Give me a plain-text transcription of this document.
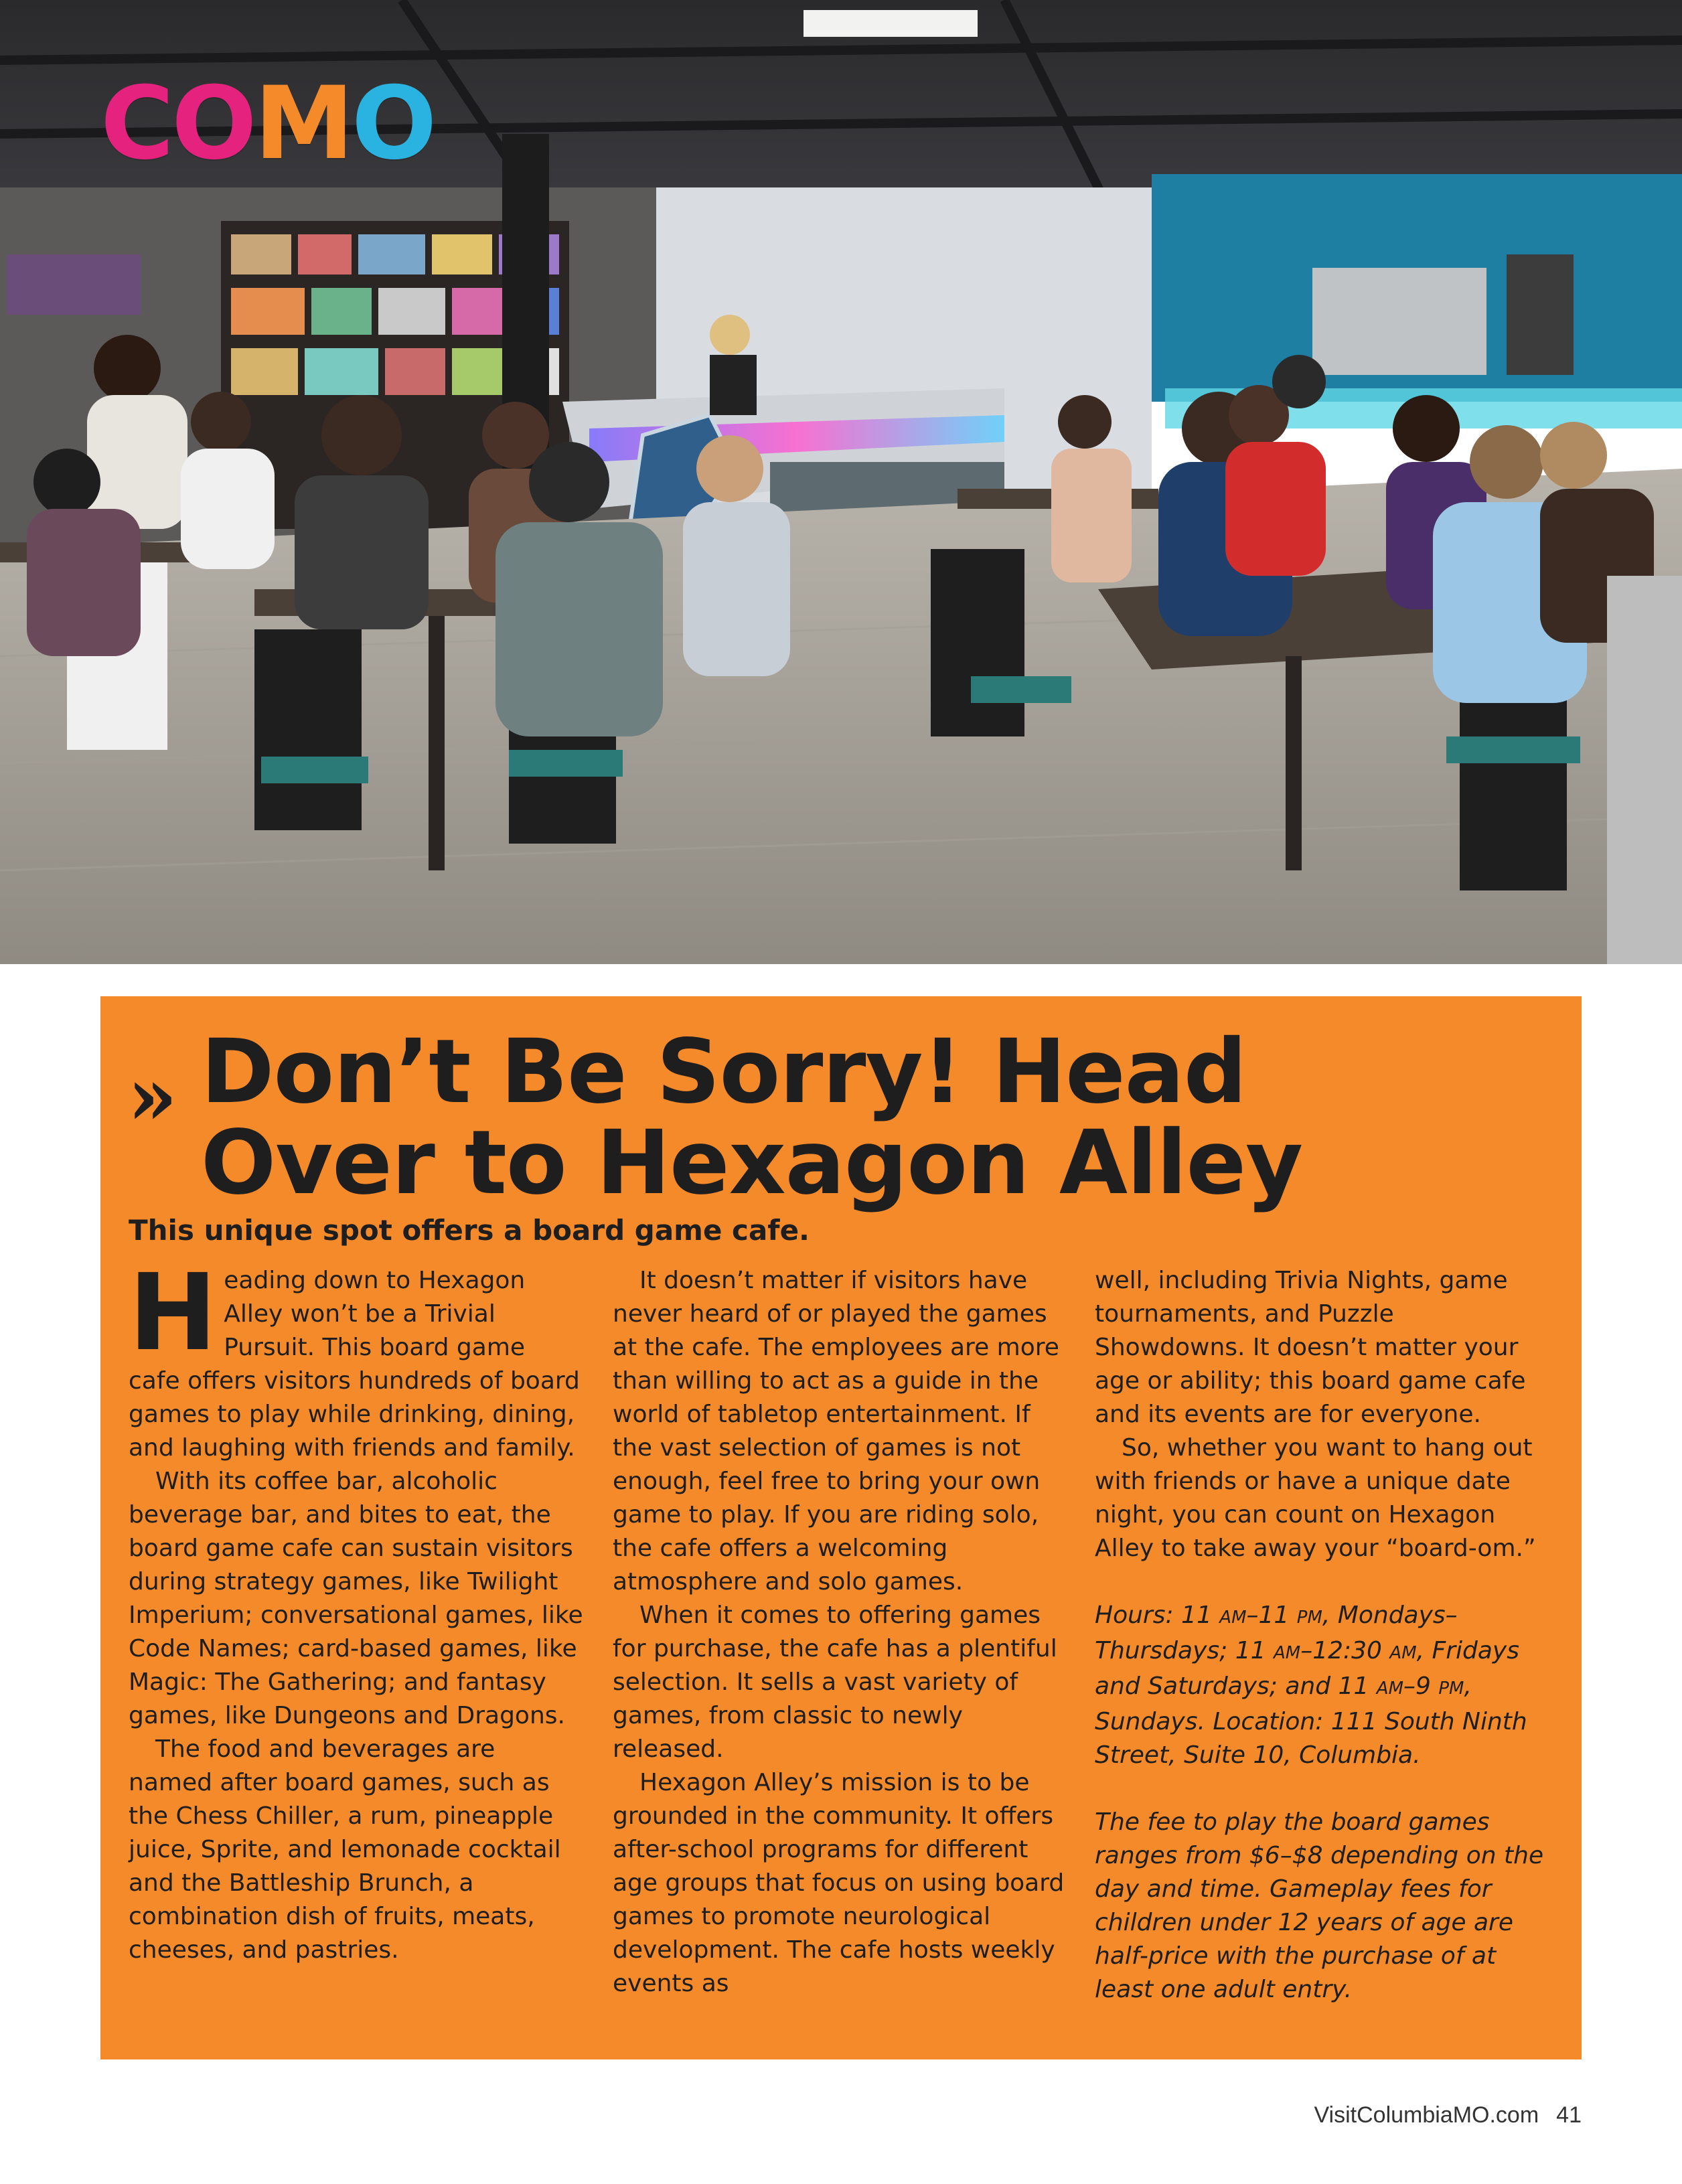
COMO
» Don’t Be Sorry! Head
Over to Hexagon Alley

This unique spot offers a board game cafe.

Heading down to Hexagon Alley won’t be a Trivial Pursuit. This board game cafe offers visitors hundreds of board games to play while drinking, dining, and laughing with friends and family.

With its coffee bar, alcoholic beverage bar, and bites to eat, the board game cafe can sustain visitors during strategy games, like Twilight Imperium; conversational games, like Code Names; card-based games, like Magic: The Gathering; and fantasy games, like Dungeons and Dragons.

The food and beverages are named after board games, such as the Chess Chiller, a rum, pineapple juice, Sprite, and lemonade cocktail and the Battleship Brunch, a combination dish of fruits, meats, cheeses, and pastries.

It doesn’t matter if visitors have never heard of or played the games at the cafe. The employees are more than willing to act as a guide in the world of tabletop entertainment. If the vast selection of games is not enough, feel free to bring your own game to play. If you are riding solo, the cafe offers a welcoming atmosphere and solo games.

When it comes to offering games for purchase, the cafe has a plentiful selection. It sells a vast variety of games, from classic to newly released.

Hexagon Alley’s mission is to be grounded in the community. It offers after-school programs for different age groups that focus on using board games to promote neurological development. The cafe hosts weekly events as

well, including Trivia Nights, game tournaments, and Puzzle Showdowns. It doesn’t matter your age or ability; this board game cafe and its events are for everyone.

So, whether you want to hang out with friends or have a unique date night, you can count on Hexagon Alley to take away your “board-om.”

Hours: 11 AM–11 PM, Mondays–Thursdays; 11 AM–12:30 AM, Fridays and Saturdays; and 11 AM–9 PM, Sundays. Location: 111 South Ninth Street, Suite 10, Columbia.

The fee to play the board games ranges from $6–$8 depending on the day and time. Gameplay fees for children under 12 years of age are half-price with the purchase of at least one adult entry.

VisitColumbiaMO.com 41
